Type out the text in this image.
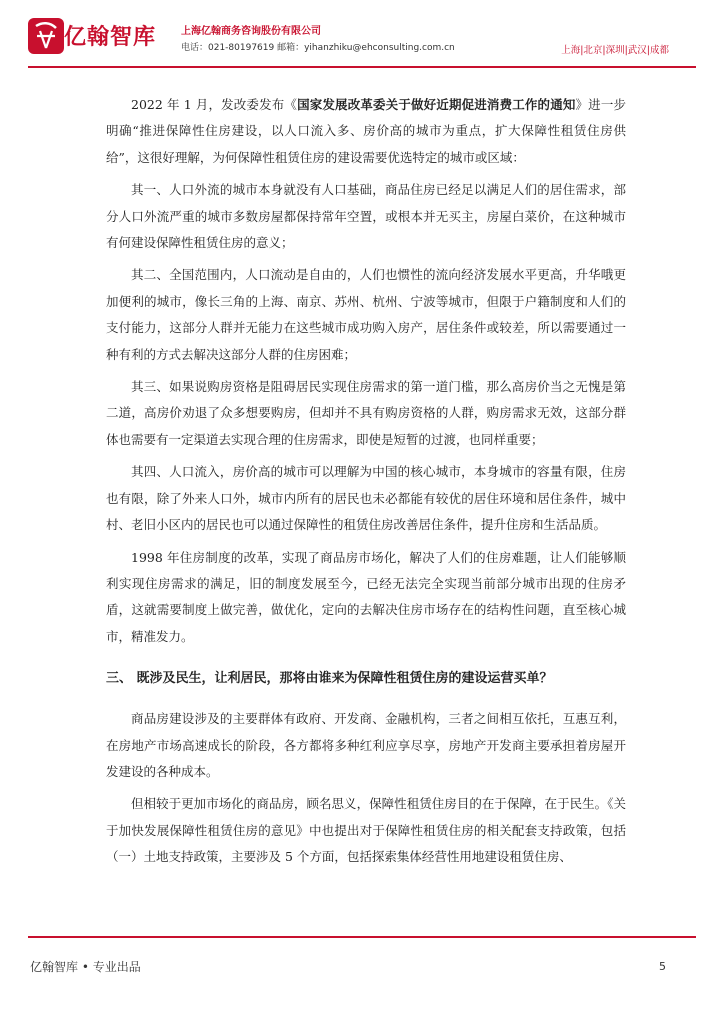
亿翰智库 上海亿翰商务咨询股份有限公司
电话：021-80197619 邮箱：yihanzhiku@ehconsulting.com.cn	上海|北京|深圳|武汉|成都

2022 年 1 月，发改委发布《国家发展改革委关于做好近期促进消费工作的通知》进一步明确“推进保障性住房建设，以人口流入多、房价高的城市为重点，扩大保障性租赁住房供给”，这很好理解，为何保障性租赁住房的建设需要优选特定的城市或区域：

其一、人口外流的城市本身就没有人口基础，商品住房已经足以满足人们的居住需求，部分人口外流严重的城市多数房屋都保持常年空置，或根本并无买主，房屋白菜价，在这种城市有何建设保障性租赁住房的意义；

其二、全国范围内，人口流动是自由的，人们也惯性的流向经济发展水平更高，升华哦更加便利的城市，像长三角的上海、南京、苏州、杭州、宁波等城市，但限于户籍制度和人们的支付能力，这部分人群并无能力在这些城市成功购入房产，居住条件或较差，所以需要通过一种有利的方式去解决这部分人群的住房困难；

其三、如果说购房资格是阻碍居民实现住房需求的第一道门槛，那么高房价当之无愧是第二道，高房价劝退了众多想要购房，但却并不具有购房资格的人群，购房需求无效，这部分群体也需要有一定渠道去实现合理的住房需求，即使是短暂的过渡，也同样重要；

其四、人口流入，房价高的城市可以理解为中国的核心城市，本身城市的容量有限，住房也有限，除了外来人口外，城市内所有的居民也未必都能有较优的居住环境和居住条件，城中村、老旧小区内的居民也可以通过保障性的租赁住房改善居住条件，提升住房和生活品质。

1998 年住房制度的改革，实现了商品房市场化，解决了人们的住房难题，让人们能够顺利实现住房需求的满足，旧的制度发展至今，已经无法完全实现当前部分城市出现的住房矛盾，这就需要制度上做完善，做优化，定向的去解决住房市场存在的结构性问题，直至核心城市，精准发力。

三、 既涉及民生，让利居民，那将由谁来为保障性租赁住房的建设运营买单？

商品房建设涉及的主要群体有政府、开发商、金融机构，三者之间相互依托，互惠互利，在房地产市场高速成长的阶段，各方都将多种红利应享尽享，房地产开发商主要承担着房屋开发建设的各种成本。

但相较于更加市场化的商品房，顾名思义，保障性租赁住房目的在于保障，在于民生。《关于加快发展保障性租赁住房的意见》中也提出对于保障性租赁住房的相关配套支持政策，包括（一）土地支持政策，主要涉及 5 个方面，包括探索集体经营性用地建设租赁住房、

亿翰智库 • 专业出品	5
